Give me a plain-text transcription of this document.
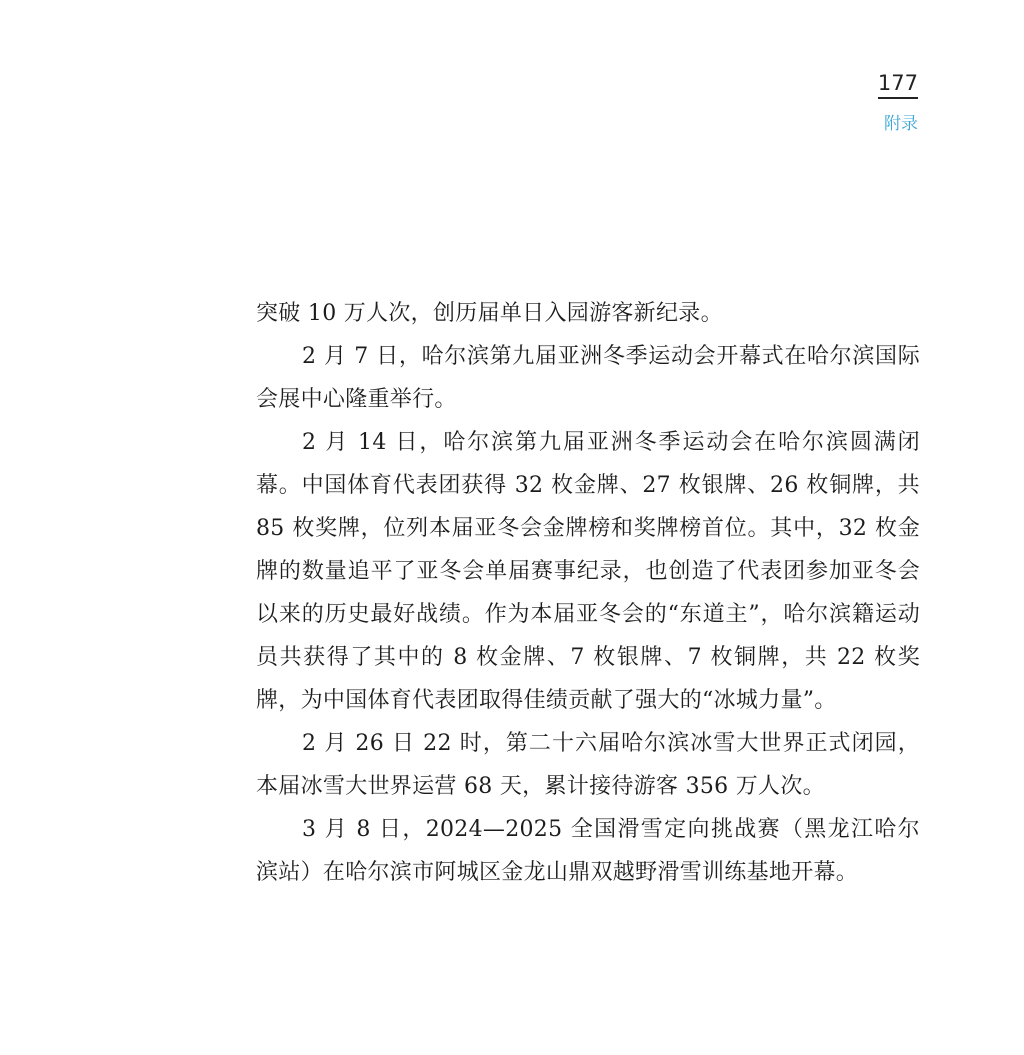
177
附录

突破 10 万人次，创历届单日入园游客新纪录。

2 月 7 日，哈尔滨第九届亚洲冬季运动会开幕式在哈尔滨国际会展中心隆重举行。

2 月 14 日，哈尔滨第九届亚洲冬季运动会在哈尔滨圆满闭幕。中国体育代表团获得 32 枚金牌、27 枚银牌、26 枚铜牌，共 85 枚奖牌，位列本届亚冬会金牌榜和奖牌榜首位。其中，32 枚金牌的数量追平了亚冬会单届赛事纪录，也创造了代表团参加亚冬会以来的历史最好战绩。作为本届亚冬会的“东道主”，哈尔滨籍运动员共获得了其中的 8 枚金牌、7 枚银牌、7 枚铜牌，共 22 枚奖牌，为中国体育代表团取得佳绩贡献了强大的“冰城力量”。

2 月 26 日 22 时，第二十六届哈尔滨冰雪大世界正式闭园，本届冰雪大世界运营 68 天，累计接待游客 356 万人次。

3 月 8 日，2024—2025 全国滑雪定向挑战赛（黑龙江哈尔滨站）在哈尔滨市阿城区金龙山鼎双越野滑雪训练基地开幕。
